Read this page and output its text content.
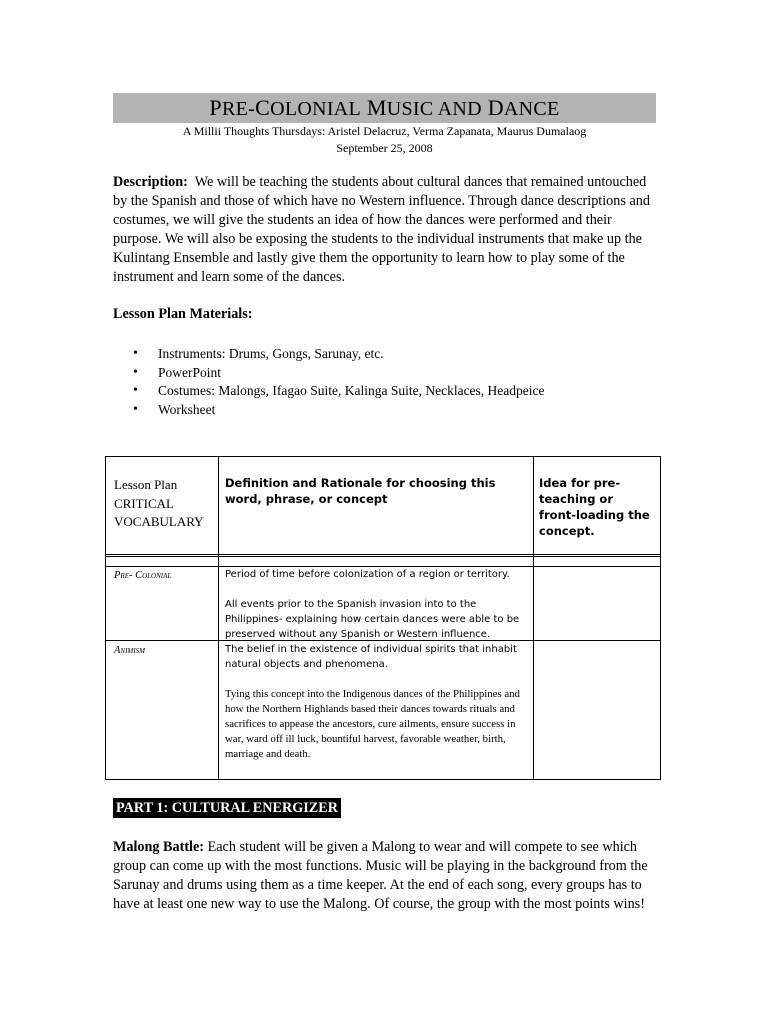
PRE-COLONIAL MUSIC AND DANCE
A Millii Thoughts Thursdays: Aristel Delacruz, Verma Zapanata, Maurus Dumalaog
September 25, 2008
Description: We will be teaching the students about cultural dances that remained untouched by the Spanish and those of which have no Western influence. Through dance descriptions and costumes, we will give the students an idea of how the dances were performed and their purpose. We will also be exposing the students to the individual instruments that make up the Kulintang Ensemble and lastly give them the opportunity to learn how to play some of the instrument and learn some of the dances.
Lesson Plan Materials:
• Instruments: Drums, Gongs, Sarunay, etc.
• PowerPoint
• Costumes: Malongs, Ifagao Suite, Kalinga Suite, Necklaces, Headpeice
• Worksheet
Lesson Plan
CRITICAL
VOCABULARY
Definition and Rationale for choosing this word, phrase, or concept
Idea for pre-teaching or front-loading the concept.
Pre- Colonial	Period of time before colonization of a region or territory.
All events prior to the Spanish invasion into to the Philippines- explaining how certain dances were able to be preserved without any Spanish or Western influence.
Animism	The belief in the existence of individual spirits that inhabit natural objects and phenomena.
Tying this concept into the Indigenous dances of the Philippines and how the Northern Highlands based their dances towards rituals and sacrifices to appease the ancestors, cure ailments, ensure success in war, ward off ill luck, bountiful harvest, favorable weather, birth, marriage and death.
PART 1: CULTURAL ENERGIZER
Malong Battle: Each student will be given a Malong to wear and will compete to see which group can come up with the most functions. Music will be playing in the background from the Sarunay and drums using them as a time keeper. At the end of each song, every groups has to have at least one new way to use the Malong. Of course, the group with the most points wins!
